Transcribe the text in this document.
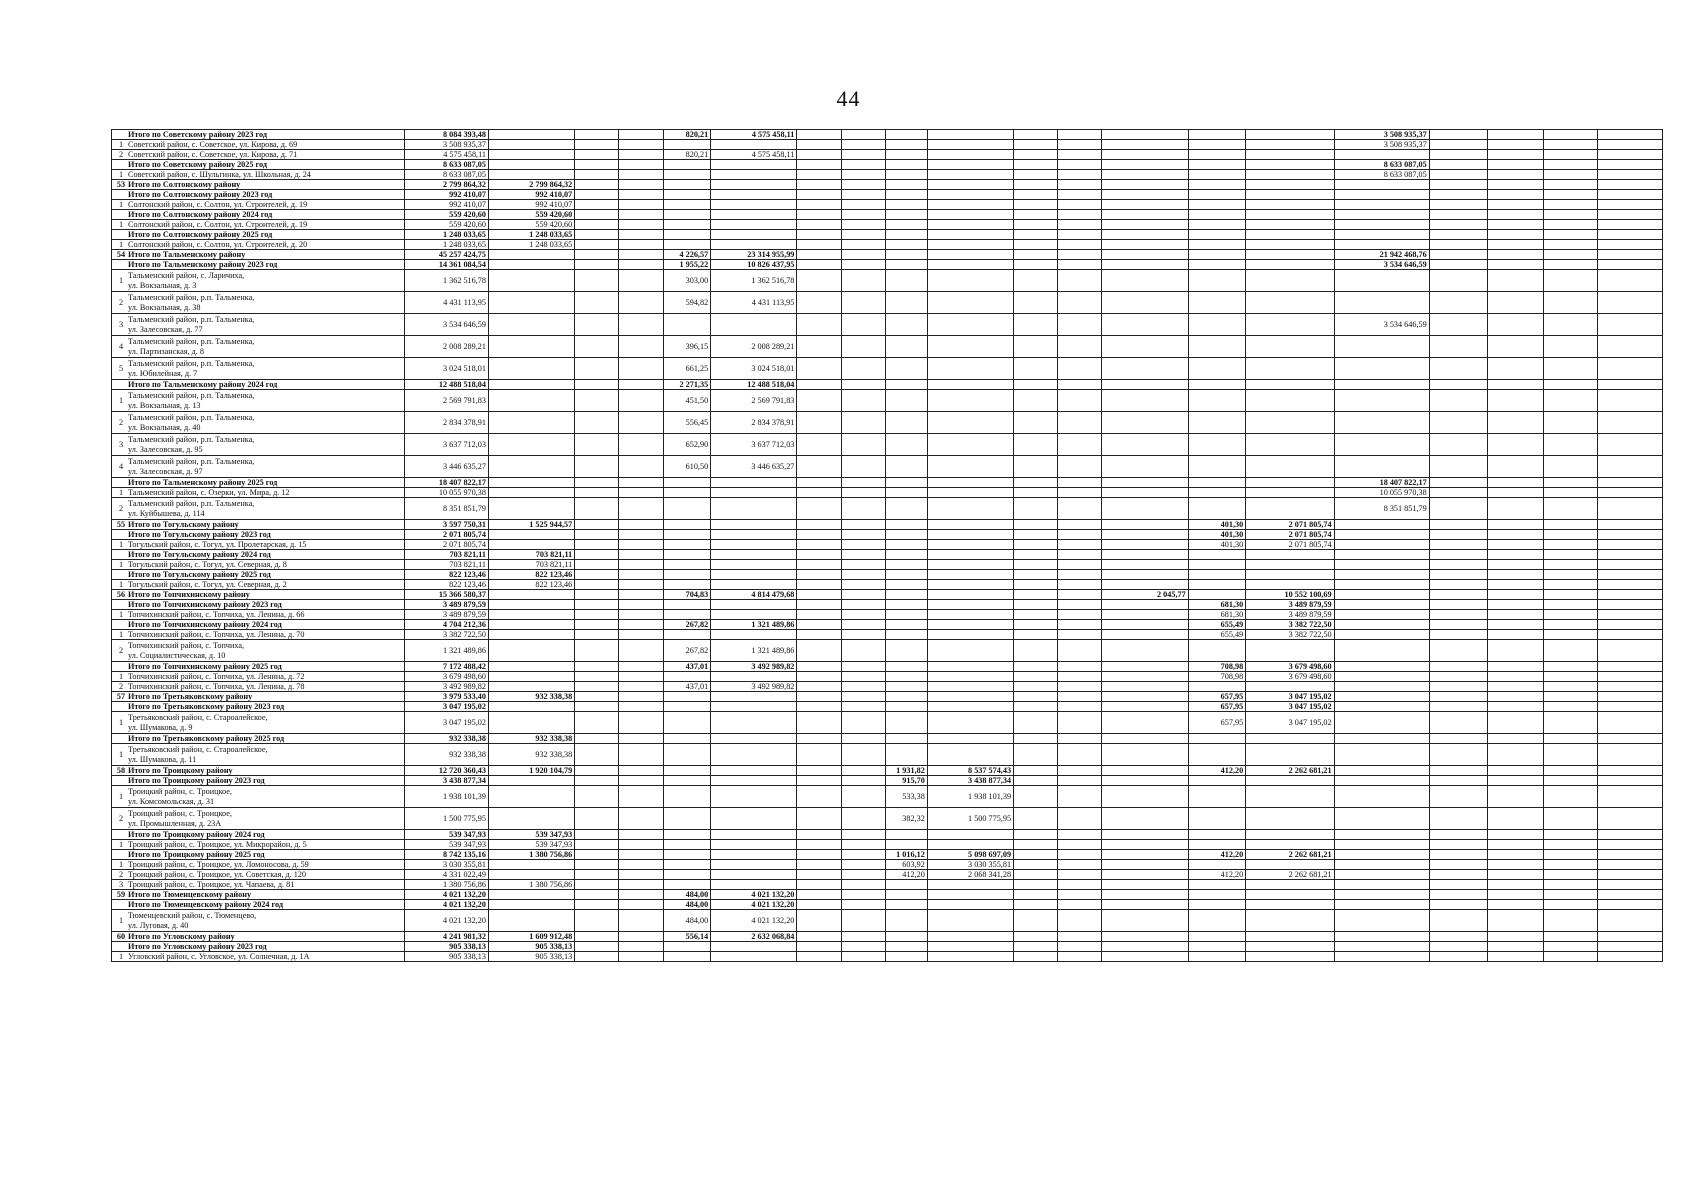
44
Итого по Советскому району 2023 год	8 084 393,48				820,21	4 575 458,11										3 508 935,37				
1 Советский район, с. Советское, ул. Кирова, д. 69	3 508 935,37															3 508 935,37				
2 Советский район, с. Советское, ул. Кирова, д. 71	4 575 458,11				820,21	4 575 458,11														
Итого по Советскому району 2025 год	8 633 087,05															8 633 087,05				
1 Советский район, с. Шульгинка, ул. Школьная, д. 24	8 633 087,05															8 633 087,05				
53 Итого по Солтонскому району	2 799 864,32	2 799 864,32																		
Итого по Солтонскому району 2023 год	992 410,07	992 410,07																		
1 Солтонский район, с. Солтон, ул. Строителей, д. 19	992 410,07	992 410,07																		
Итого по Солтонскому району 2024 год	559 420,60	559 420,60																		
1 Солтонский район, с. Солтон, ул. Строителей, д. 19	559 420,60	559 420,60																		
Итого по Солтонскому району 2025 год	1 248 033,65	1 248 033,65																		
1 Солтонский район, с. Солтон, ул. Строителей, д. 20	1 248 033,65	1 248 033,65																		
54 Итого по Тальменскому району	45 257 424,75				4 226,57	23 314 955,99										21 942 468,76				
Итого по Тальменскому району 2023 год	14 361 084,54				1 955,22	10 826 437,95										3 534 646,59				

1
Тальменский район, с. Ларичиха,
ул. Вокзальная, д. 3	1 362 516,78				303,00	1 362 516,78														

2
Тальменский район, р.п. Тальменка,
ул. Вокзальная, д. 38	4 431 113,95				594,82	4 431 113,95														

3
Тальменский район, р.п. Тальменка,
ул. Залесовская, д. 77	3 534 646,59															3 534 646,59				

4
Тальменский район, р.п. Тальменка,
ул. Партизанская, д. 8	2 008 289,21				396,15	2 008 289,21														

5
Тальменский район, р.п. Тальменка,
ул. Юбилейная, д. 7	3 024 518,01				661,25	3 024 518,01														
Итого по Тальменскому району 2024 год	12 488 518,04				2 271,35	12 488 518,04														

1
Тальменский район, р.п. Тальменка,
ул. Вокзальная, д. 13	2 569 791,83				451,50	2 569 791,83														

2
Тальменский район, р.п. Тальменка,
ул. Вокзальная, д. 40	2 834 378,91				556,45	2 834 378,91														

3
Тальменский район, р.п. Тальменка,
ул. Залесовская, д. 95	3 637 712,03				652,90	3 637 712,03														

4
Тальменский район, р.п. Тальменка,
ул. Залесовская, д. 97	3 446 635,27				610,50	3 446 635,27														
Итого по Тальменскому району 2025 год	18 407 822,17															18 407 822,17				
1 Тальменский район, с. Озерки, ул. Мира, д. 12	10 055 970,38															10 055 970,38				

2
Тальменский район, р.п. Тальменка,
ул. Куйбышева, д. 114	8 351 851,79															8 351 851,79				
55 Итого по Тогульскому району	3 597 750,31	1 525 944,57												401,30	2 071 805,74					
Итого по Тогульскому району 2023 год	2 071 805,74													401,30	2 071 805,74					
1 Тогульский район, с. Тогул, ул. Пролетарская, д. 15	2 071 805,74													401,30	2 071 805,74					
Итого по Тогульскому району 2024 год	703 821,11	703 821,11																		
1 Тогульский район, с. Тогул, ул. Северная, д. 8	703 821,11	703 821,11																		
Итого по Тогульскому району 2025 год	822 123,46	822 123,46																		
1 Тогульский район, с. Тогул, ул. Северная, д. 2	822 123,46	822 123,46																		
56 Итого по Топчихинскому району	15 366 580,37				704,83	4 814 479,68							2 045,77		10 552 100,69					
Итого по Топчихинскому району 2023 год	3 489 879,59													681,30	3 489 879,59					
1 Топчихинский район, с. Топчиха, ул. Ленина, д. 66	3 489 879,59													681,30	3 489 879,59					
Итого по Топчихинскому району 2024 год	4 704 212,36				267,82	1 321 489,86								655,49	3 382 722,50					
1 Топчихинский район, с. Топчиха, ул. Ленина, д. 70	3 382 722,50													655,49	3 382 722,50					

2
Топчихинский район, с. Топчиха,
ул. Социалистическая, д. 10	1 321 489,86				267,82	1 321 489,86														
Итого по Топчихинскому району 2025 год	7 172 488,42				437,01	3 492 989,82								708,98	3 679 498,60					
1 Топчихинский район, с. Топчиха, ул. Ленина, д. 72	3 679 498,60													708,98	3 679 498,60					
2 Топчихинский район, с. Топчиха, ул. Ленина, д. 78	3 492 989,82				437,01	3 492 989,82														
57 Итого по Третьяковскому району	3 979 533,40	932 338,38												657,95	3 047 195,02					
Итого по Третьяковскому району 2023 год	3 047 195,02													657,95	3 047 195,02					

1
Третьяковский район, с. Староалейское,
ул. Шумакова, д. 9	3 047 195,02													657,95	3 047 195,02					
Итого по Третьяковскому району 2025 год	932 338,38	932 338,38																		

1
Третьяковский район, с. Староалейское,
ул. Шумакова, д. 11	932 338,38	932 338,38																		
58 Итого по Троицкому району	12 720 360,43	1 920 104,79							1 931,82	8 537 574,43				412,20	2 262 681,21					
Итого по Троицкому району 2023 год	3 438 877,34								915,70	3 438 877,34										

1
Троицкий район, с. Троицкое,
ул. Комсомольская, д. 31	1 938 101,39								533,38	1 938 101,39										

2
Троицкий район, с. Троицкое,
ул. Промышленная, д. 23А	1 500 775,95								382,32	1 500 775,95										
Итого по Троицкому району 2024 год	539 347,93	539 347,93																		
1 Троицкий район, с. Троицкое, ул. Микрорайон, д. 5	539 347,93	539 347,93																		
Итого по Троицкому району 2025 год	8 742 135,16	1 380 756,86							1 016,12	5 098 697,09				412,20	2 262 681,21					
1 Троицкий район, с. Троицкое, ул. Ломоносова, д. 59	3 030 355,81								603,92	3 030 355,81										
2 Троицкий район, с. Троицкое, ул. Советская, д. 120	4 331 022,49								412,20	2 068 341,28				412,20	2 262 681,21					
3 Троицкий район, с. Троицкое, ул. Чапаева, д. 81	1 380 756,86	1 380 756,86																		
59 Итого по Тюменцевскому району	4 021 132,20				484,00	4 021 132,20														
Итого по Тюменцевскому району 2024 год	4 021 132,20				484,00	4 021 132,20														

1
Тюменцевский район, с. Тюменцево,
ул. Луговая, д. 40	4 021 132,20				484,00	4 021 132,20														
60 Итого по Угловскому району	4 241 981,32	1 609 912,48			556,14	2 632 068,84														
Итого по Угловскому району 2023 год	905 338,13	905 338,13																		
1 Угловский район, с. Угловское, ул. Солнечная, д. 1А	905 338,13	905 338,13																		
